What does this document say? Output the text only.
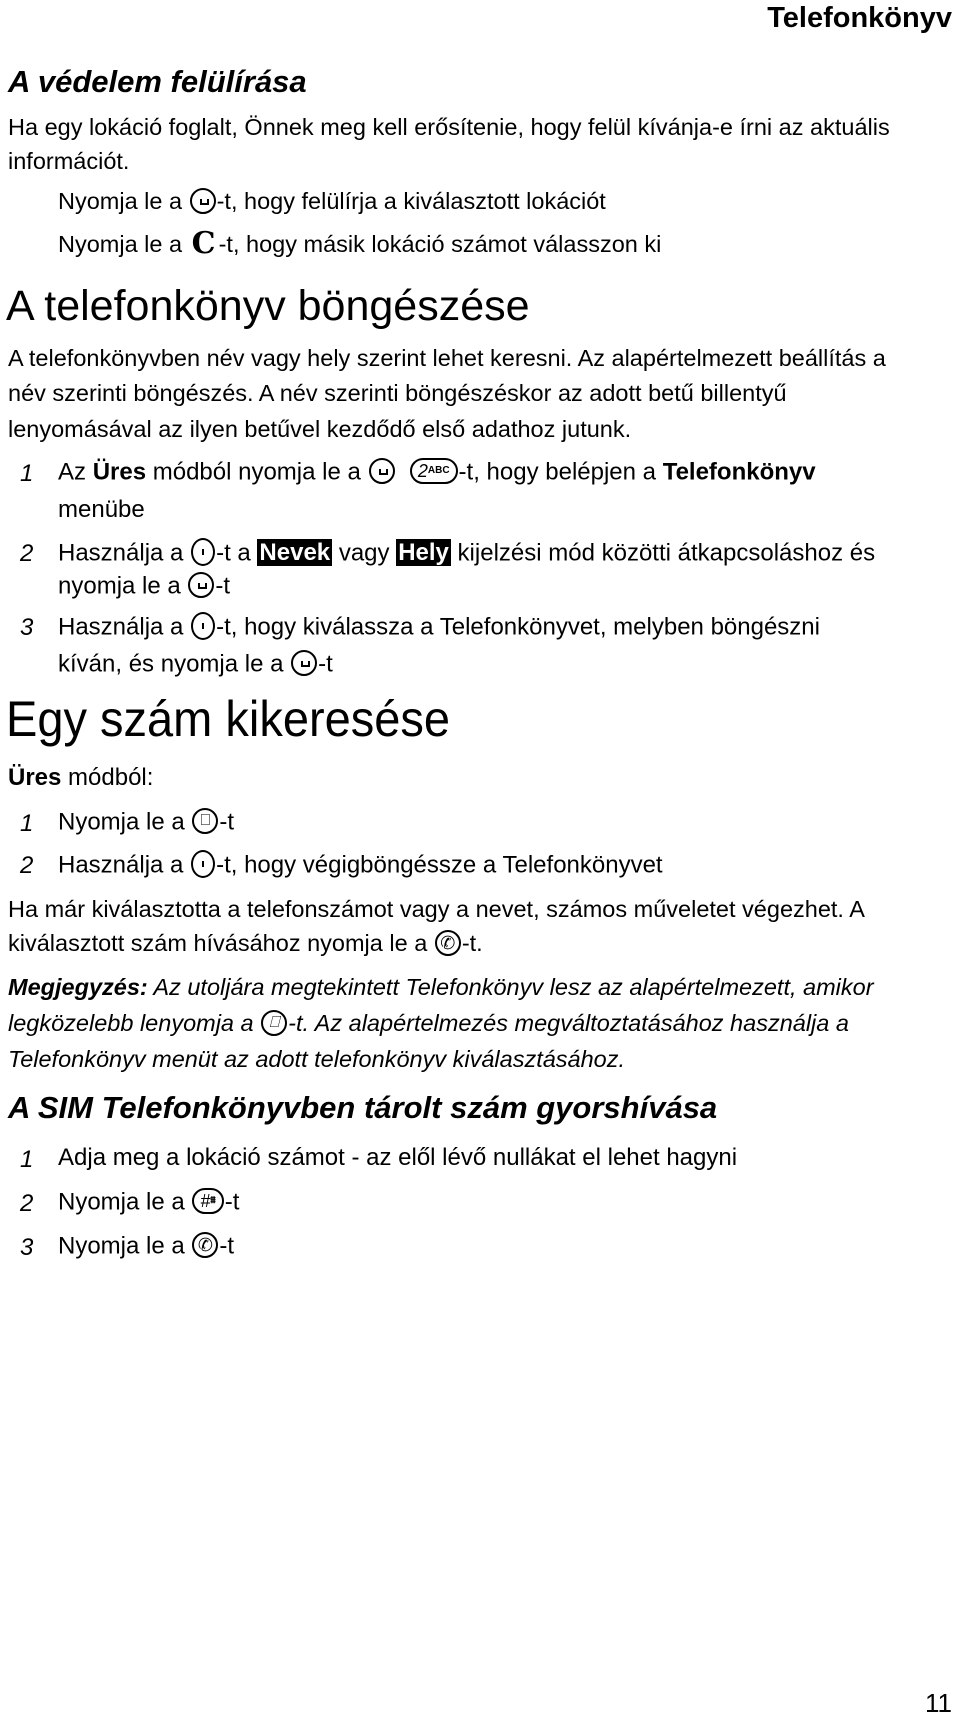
Telefonkönyv
A védelem felülírása
Ha egy lokáció foglalt, Önnek meg kell erősítenie, hogy felül kívánja-e írni az aktuális
információt.
Nyomja le a -t, hogy felülírja a kiválasztott lokációt
Nyomja le a C -t, hogy másik lokáció számot válasszon ki
A telefonkönyv böngészése
A telefonkönyvben név vagy hely szerint lehet keresni. Az alapértelmezett beállítás a
név szerinti böngészés. A név szerinti böngészéskor az adott betű billentyű
lenyomásával az ilyen betűvel kezdődő első adathoz jutunk.
1 Az Üres módból nyomja le a	$2^{ABC}$ -t, hogy belépjen a Telefonkönyv
menübe
2 Használja a -t a Nevek vagy Hely kijelzési mód közötti átkapcsoláshoz és
nyomja le a -t
3 Használja a -t, hogy kiválassza a Telefonkönyvet, melyben böngészni
kíván, és nyomja le a -t
Egy szám kikeresése
Üres módból:
1 Nyomja le a ⎕ -t
2 Használja a -t, hogy végigböngéssze a Telefonkönyvet
Ha már kiválasztotta a telefonszámot vagy a nevet, számos műveletet végezhet. A
kiválasztott szám hívásához nyomja le a ✆ -t.
Megjegyzés: Az utoljára megtekintett Telefonkönyv lesz az alapértelmezett, amikor
legközelebb lenyomja a ⎕ -t. Az alapértelmezés megváltoztatásához használja a
Telefonkönyv menüt az adott telefonkönyv kiválasztásához.
A SIM Telefonkönyvben tárolt szám gyorshívása
1 Adja meg a lokáció számot - az elől lévő nullákat el lehet hagyni
2 Nyomja le a #⩩ -t
3 Nyomja le a ✆ -t
11
